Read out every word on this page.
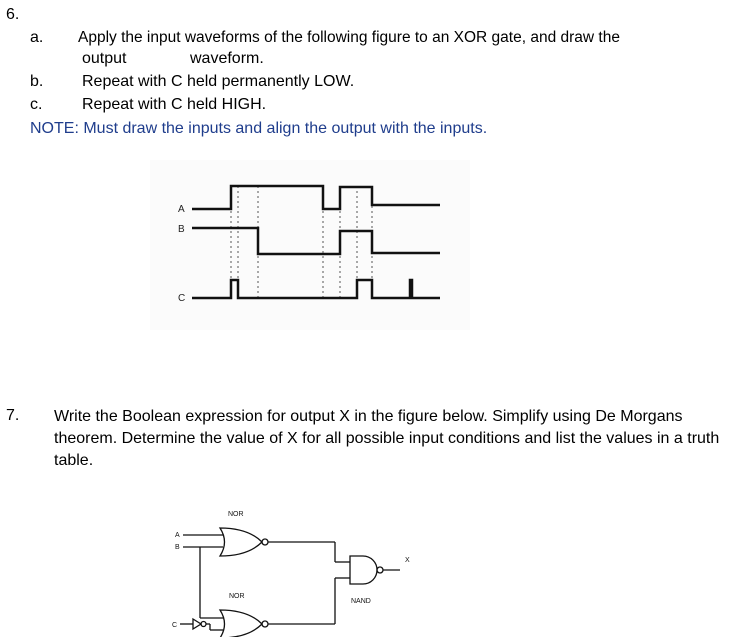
6.
a. Apply the input waveforms of the following figure to an XOR gate, and draw the
output	waveform.
b. Repeat with C held permanently LOW.
c. Repeat with C held HIGH.
NOTE: Must draw the inputs and align the output with the inputs.
A
B
C
7. Write the Boolean expression for output X in the figure below. Simplify using De Morgans theorem. Determine the value of X for all possible input conditions and list the values in a truth table.
NOR
NOR
NAND
A
B
C
X
